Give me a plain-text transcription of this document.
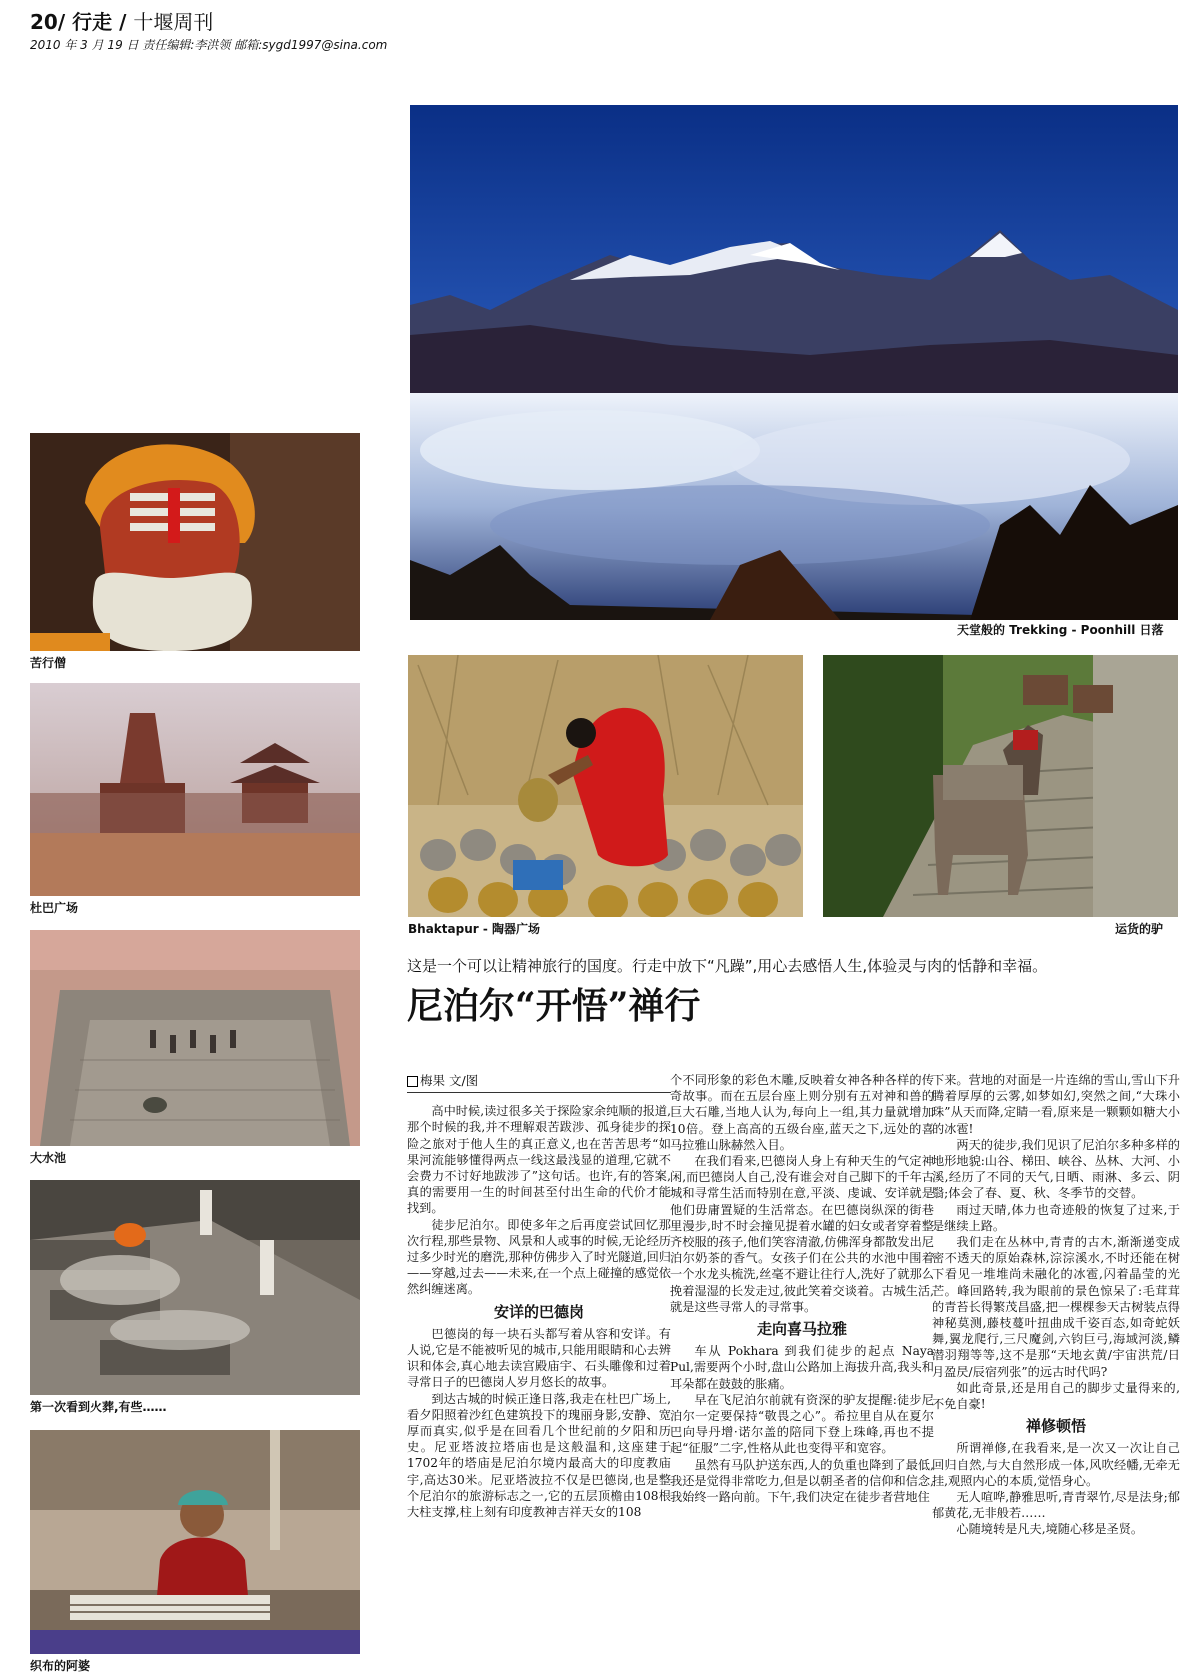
20/ 行走 / 十堰周刊
2010 年 3 月 19 日 责任编辑:李洪领 邮箱:sygd1997@sina.com
天堂般的 Trekking - Poonhill 日落
Bhaktapur - 陶器广场	运货的驴
苦行僧
杜巴广场
大水池
第一次看到火葬,有些……
织布的阿婆
这是一个可以让精神旅行的国度。行走中放下“凡躁”,用心去感悟人生,体验灵与肉的恬静和幸福。
尼泊尔“开悟”禅行
梅果 文/图

高中时候,读过很多关于探险家余纯顺的报道,那个时候的我,并不理解艰苦跋涉、孤身徒步的探险之旅对于他人生的真正意义,也在苦苦思考“如果河流能够懂得两点一线这最浅显的道理,它就不会费力不讨好地跋涉了”这句话。也许,有的答案,真的需要用一生的时间甚至付出生命的代价才能找到。

徒步尼泊尔。即使多年之后再度尝试回忆那次行程,那些景物、风景和人或事的时候,无论经历过多少时光的磨洗,那种仿佛步入了时光隧道,回归——穿越,过去——未来,在一个点上碰撞的感觉依然纠缠迷离。

安详的巴德岗

巴德岗的每一块石头都写着从容和安详。有人说,它是不能被听见的城市,只能用眼睛和心去辨识和体会,真心地去读宫殿庙宇、石头雕像和过着寻常日子的巴德岗人岁月悠长的故事。

到达古城的时候正逢日落,我走在杜巴广场上,看夕阳照着沙红色建筑投下的瑰丽身影,安静、宽厚而真实,似乎是在回看几个世纪前的夕阳和历史。尼亚塔波拉塔庙也是这般温和,这座建于1702年的塔庙是尼泊尔境内最高大的印度教庙宇,高达30米。尼亚塔波拉不仅是巴德岗,也是整个尼泊尔的旅游标志之一,它的五层顶檐由108根大柱支撑,柱上刻有印度教神吉祥天女的108

个不同形象的彩色木雕,反映着女神各种各样的传奇故事。而在五层台座上则分别有五对神和兽的巨大石雕,当地人认为,每向上一组,其力量就增加10倍。登上高高的五级台座,蓝天之下,远处的喜马拉雅山脉赫然入目。

在我们看来,巴德岗人身上有种天生的气定神闲,而巴德岗人自己,没有谁会对自己脚下的千年古城和寻常生活而特别在意,平淡、虔诚、安详就是他们毋庸置疑的生活常态。在巴德岗纵深的街巷里漫步,时不时会撞见提着水罐的妇女或者穿着整齐校服的孩子,他们笑容清澈,仿佛浑身都散发出尼泊尔奶茶的香气。女孩子们在公共的水池中围着一个水龙头梳洗,丝毫不避让往行人,洗好了就那么挽着湿湿的长发走过,彼此笑着交谈着。古城生活,就是这些寻常人的寻常事。

走向喜马拉雅

车从 Pokhara 到我们徒步的起点 Naya Pul,需要两个小时,盘山公路加上海拔升高,我头和耳朵都在鼓鼓的胀痛。

早在飞尼泊尔前就有资深的驴友提醒:徒步尼泊尔一定要保持“敬畏之心”。希拉里自从在夏尔巴向导丹增·诺尔盖的陪同下登上珠峰,再也不提起“征服”二字,性格从此也变得平和宽容。

虽然有马队护送东西,人的负重也降到了最低,我还是觉得非常吃力,但是以朝圣者的信仰和信念,我始终一路向前。下午,我们决定在徒步者营地住

下来。营地的对面是一片连绵的雪山,雪山下升腾着厚厚的云雾,如梦如幻,突然之间,“大珠小珠”从天而降,定睛一看,原来是一颗颗如糖大小的冰雹!

两天的徒步,我们见识了尼泊尔多种多样的地形地貌:山谷、梯田、峡谷、丛林、大河、小溪,经历了不同的天气,日晒、雨淋、多云、阴翳;体会了春、夏、秋、冬季节的交替。

雨过天晴,体力也奇迹般的恢复了过来,于是继续上路。

我们走在丛林中,青青的古木,渐渐递变成密不透天的原始森林,淙淙溪水,不时还能在树下看见一堆堆尚未融化的冰雹,闪着晶莹的光芒。峰回路转,我为眼前的景色惊呆了:毛茸茸的青苔长得繁茂昌盛,把一棵棵参天古树装点得神秘莫测,藤枝蔓叶扭曲成千姿百态,如奇蛇妖舞,翼龙爬行,三尺魔剑,六钧巨弓,海域河淡,鳞潜羽翔等等,这不是那“天地玄黄/宇宙洪荒/日月盈昃/辰宿列张”的远古时代吗?

如此奇景,还是用自己的脚步丈量得来的,不免自豪!

禅修顿悟

所谓禅修,在我看来,是一次又一次让自己回归自然,与大自然形成一体,风吹经幡,无牵无挂,观照内心的本质,觉悟身心。

无人喧哗,静雅思听,青青翠竹,尽是法身;郁郁黄花,无非般若……

心随境转是凡夫,境随心移是圣贤。
